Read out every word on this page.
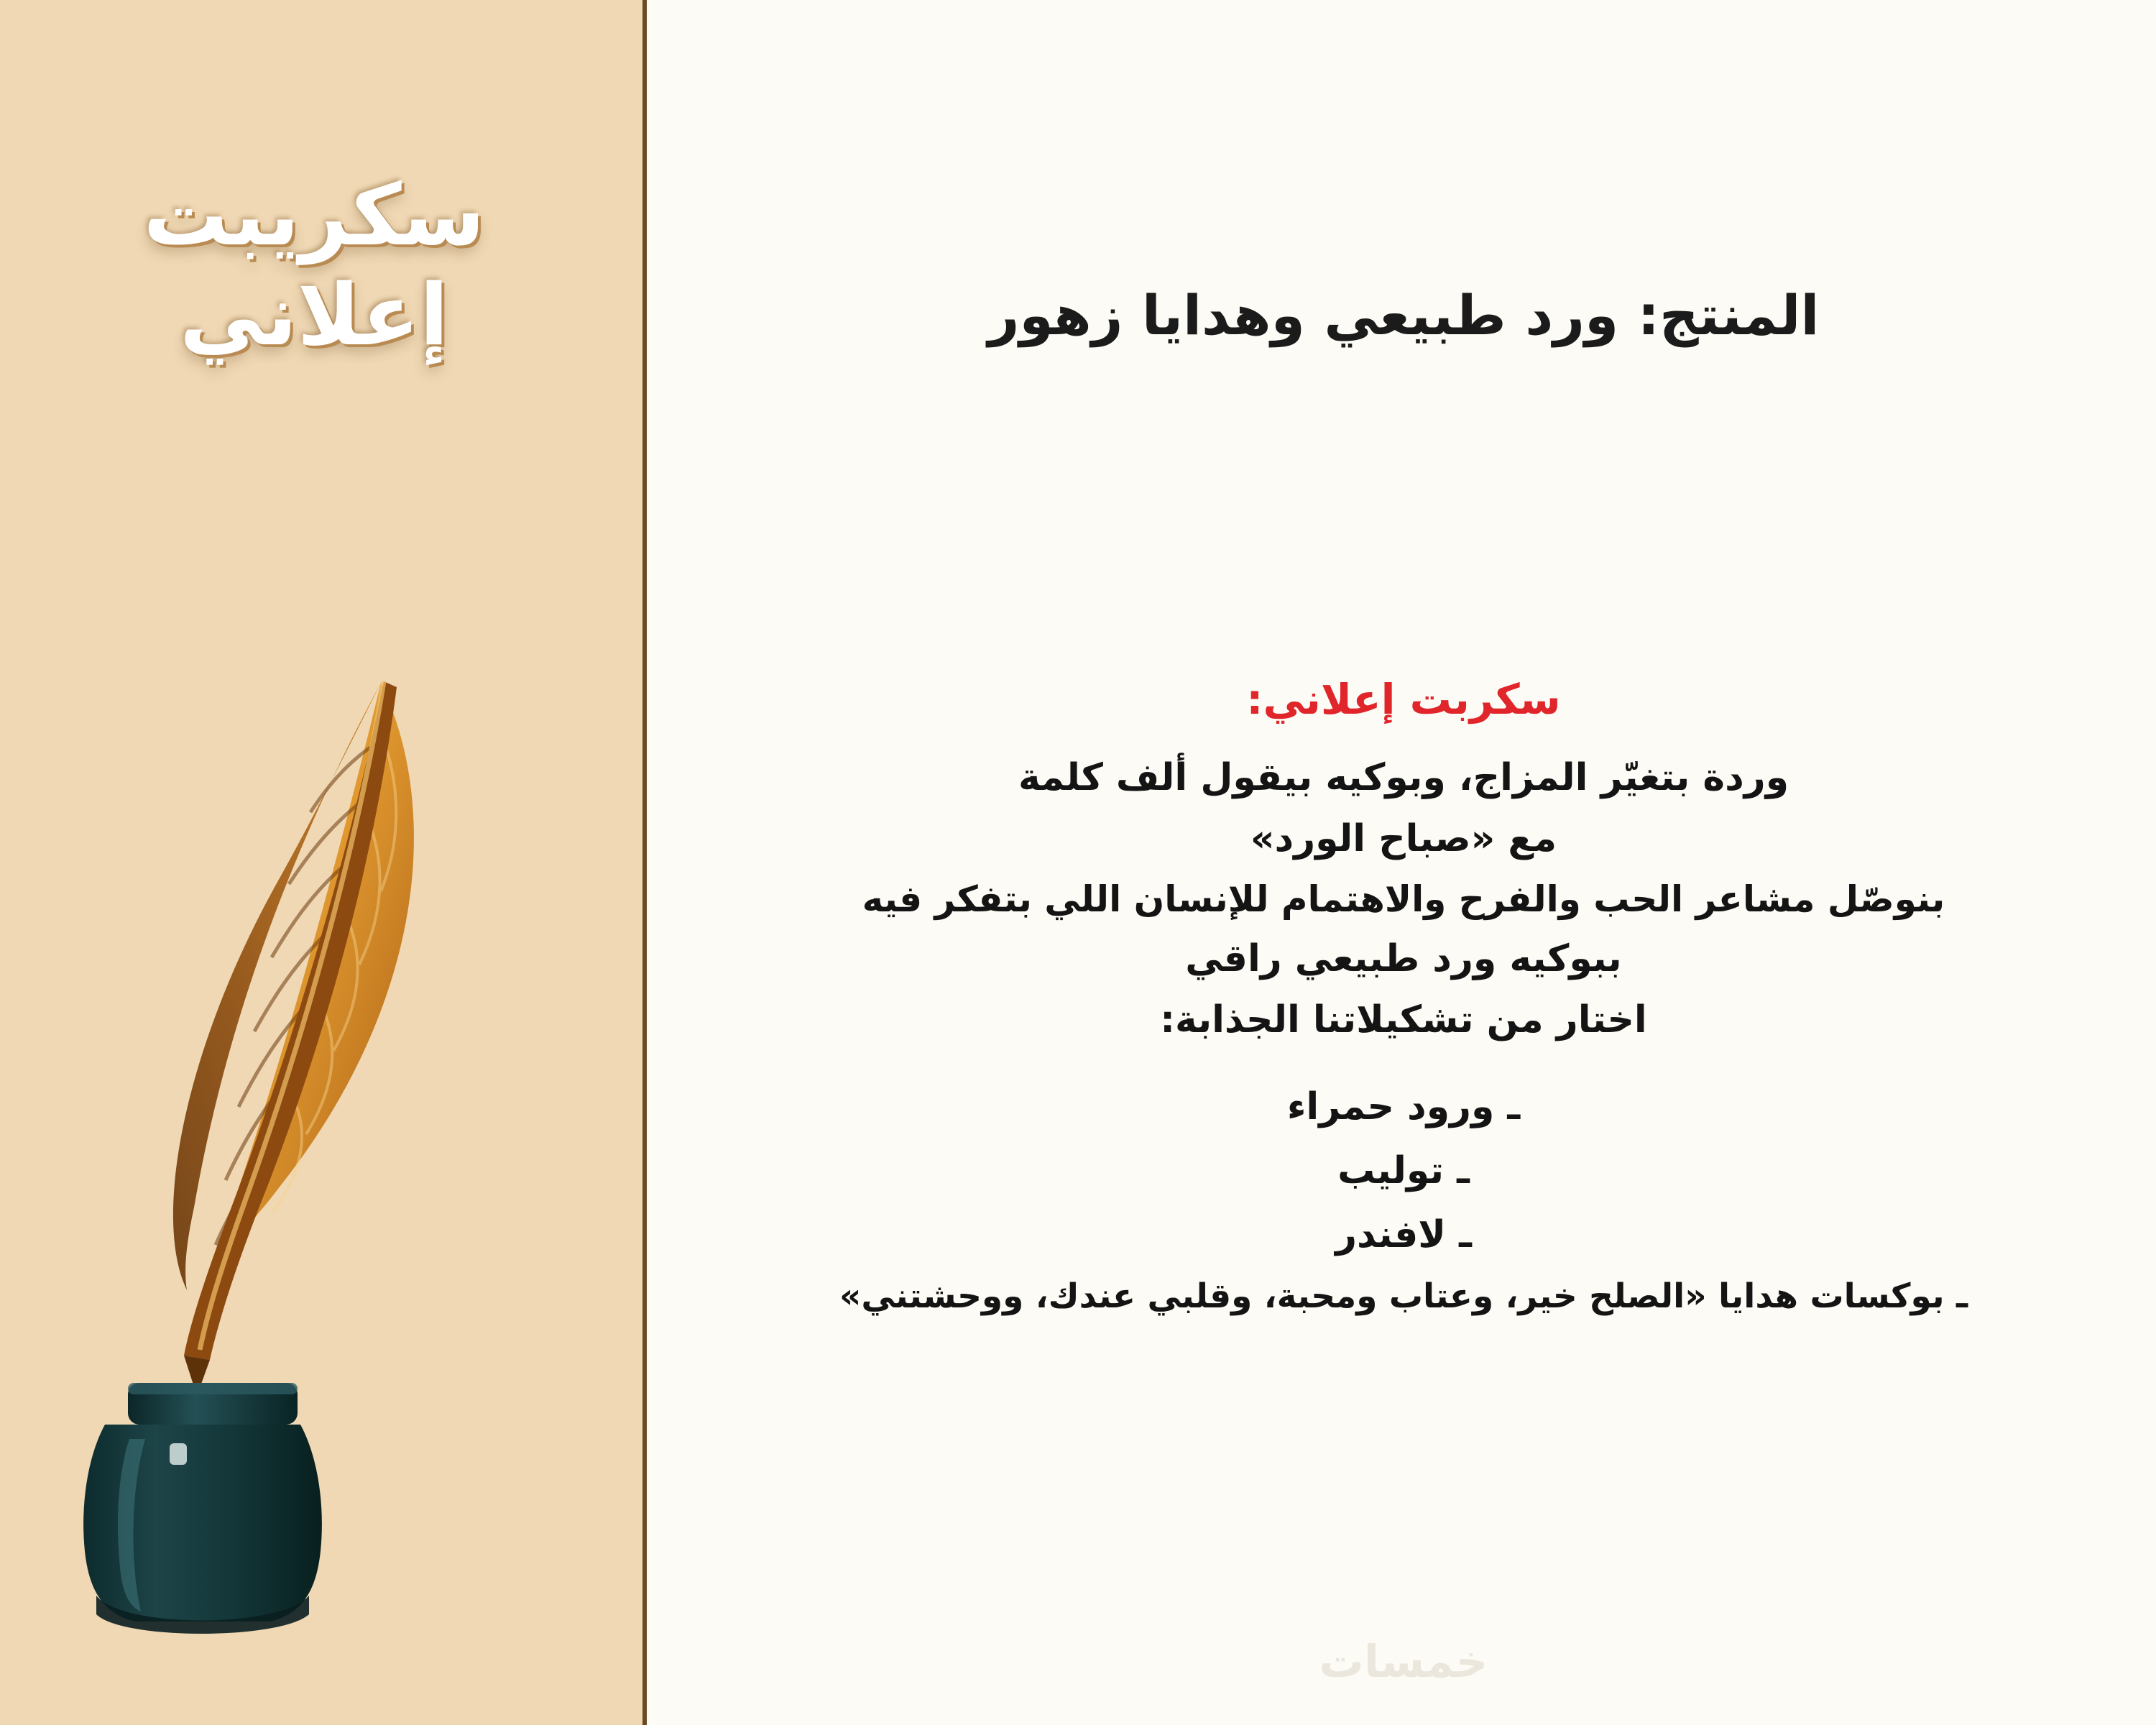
سكريبت
إعلاني	المنتج: ورد طبيعي وهدايا زهور
سكربت إعلاني:
وردة بتغيّر المزاج، وبوكيه بيقول ألف كلمة
مع «صباح الورد»
بنوصّل مشاعر الحب والفرح والاهتمام للإنسان اللي بتفكر فيه
ببوكيه ورد طبيعي راقي
اختار من تشكيلاتنا الجذابة:
ـ ورود حمراء
ـ توليب
ـ لافندر
ـ بوكسات هدايا «الصلح خير، وعتاب ومحبة، وقلبي عندك، ووحشتني»
خمسات
